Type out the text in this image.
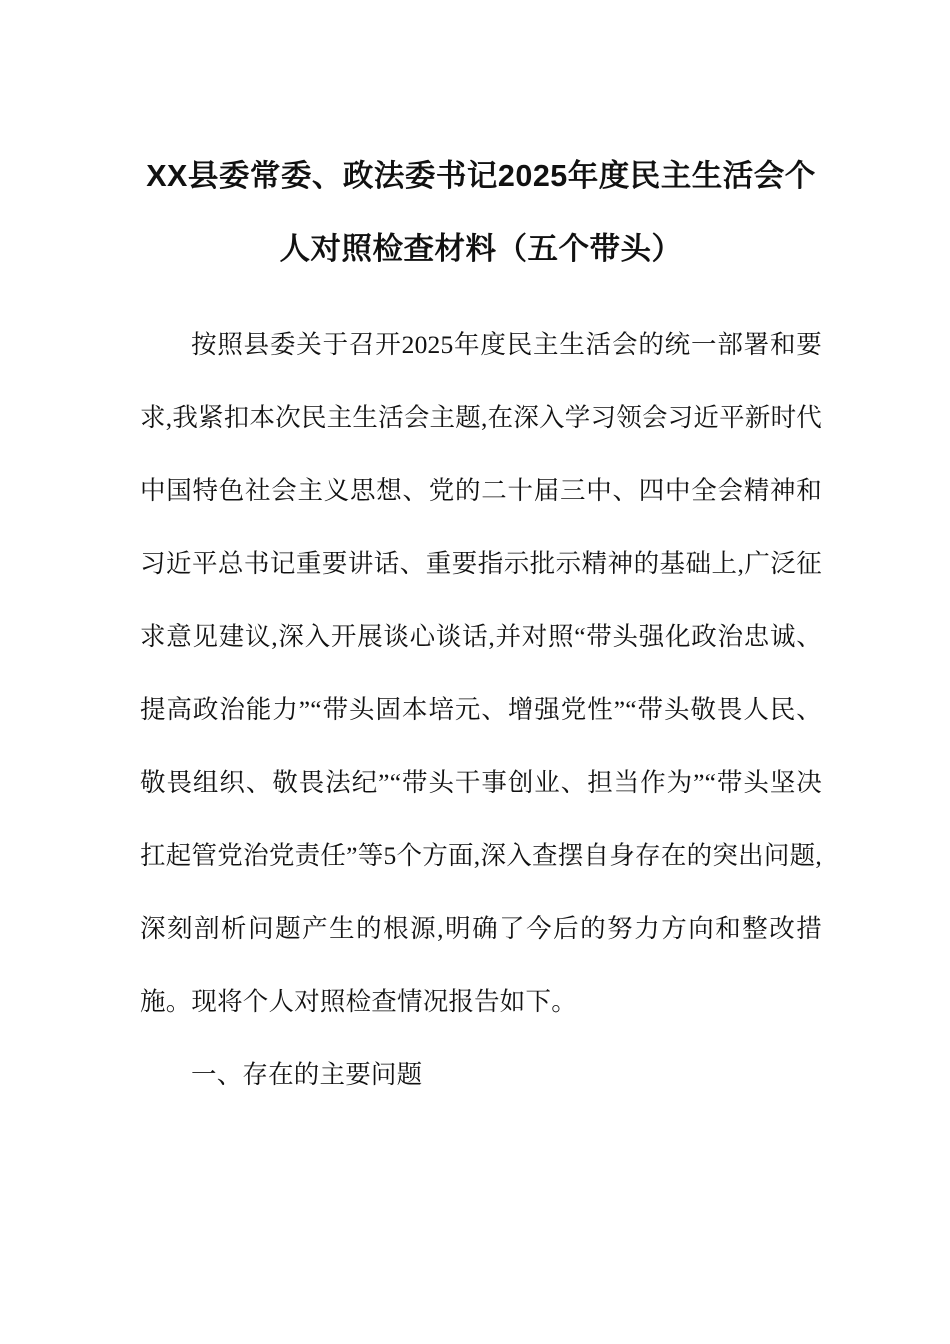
XX县委常委、政法委书记2025年度民主生活会个人对照检查材料（五个带头）

按照县委关于召开2025年度民主生活会的统一部署和要求,我紧扣本次民主生活会主题,在深入学习领会习近平新时代中国特色社会主义思想、党的二十届三中、四中全会精神和习近平总书记重要讲话、重要指示批示精神的基础上,广泛征求意见建议,深入开展谈心谈话,并对照“带头强化政治忠诚、提高政治能力”“带头固本培元、增强党性”“带头敬畏人民、敬畏组织、敬畏法纪”“带头干事创业、担当作为”“带头坚决扛起管党治党责任”等5个方面,深入查摆自身存在的突出问题,深刻剖析问题产生的根源,明确了今后的努力方向和整改措施。现将个人对照检查情况报告如下。

一、存在的主要问题
